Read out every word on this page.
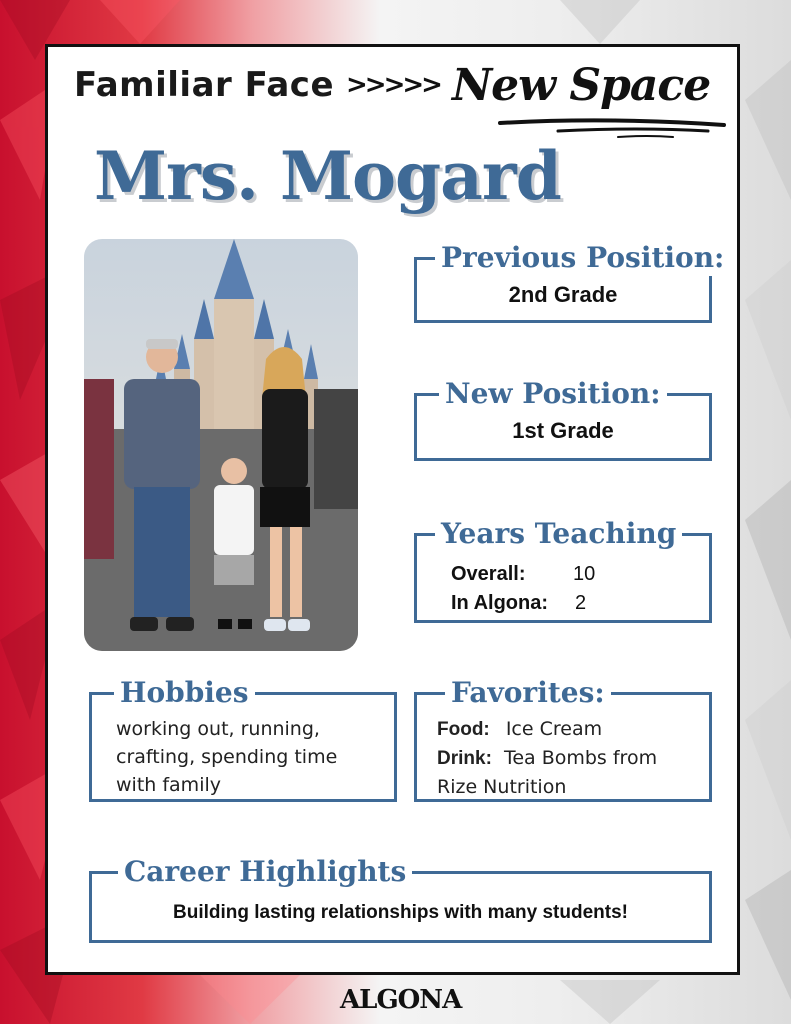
Familiar Face >>>>> New Space
Mrs. Mogard
Previous Position:
2nd Grade
New Position:
1st Grade
Years Teaching
Overall:	10
In Algona:	2
Hobbies
working out, running,
crafting, spending time
with family
Favorites:
Food: Ice Cream
Drink: Tea Bombs from
Rize Nutrition
Career Highlights
Building lasting relationships with many students!
ALGONA
